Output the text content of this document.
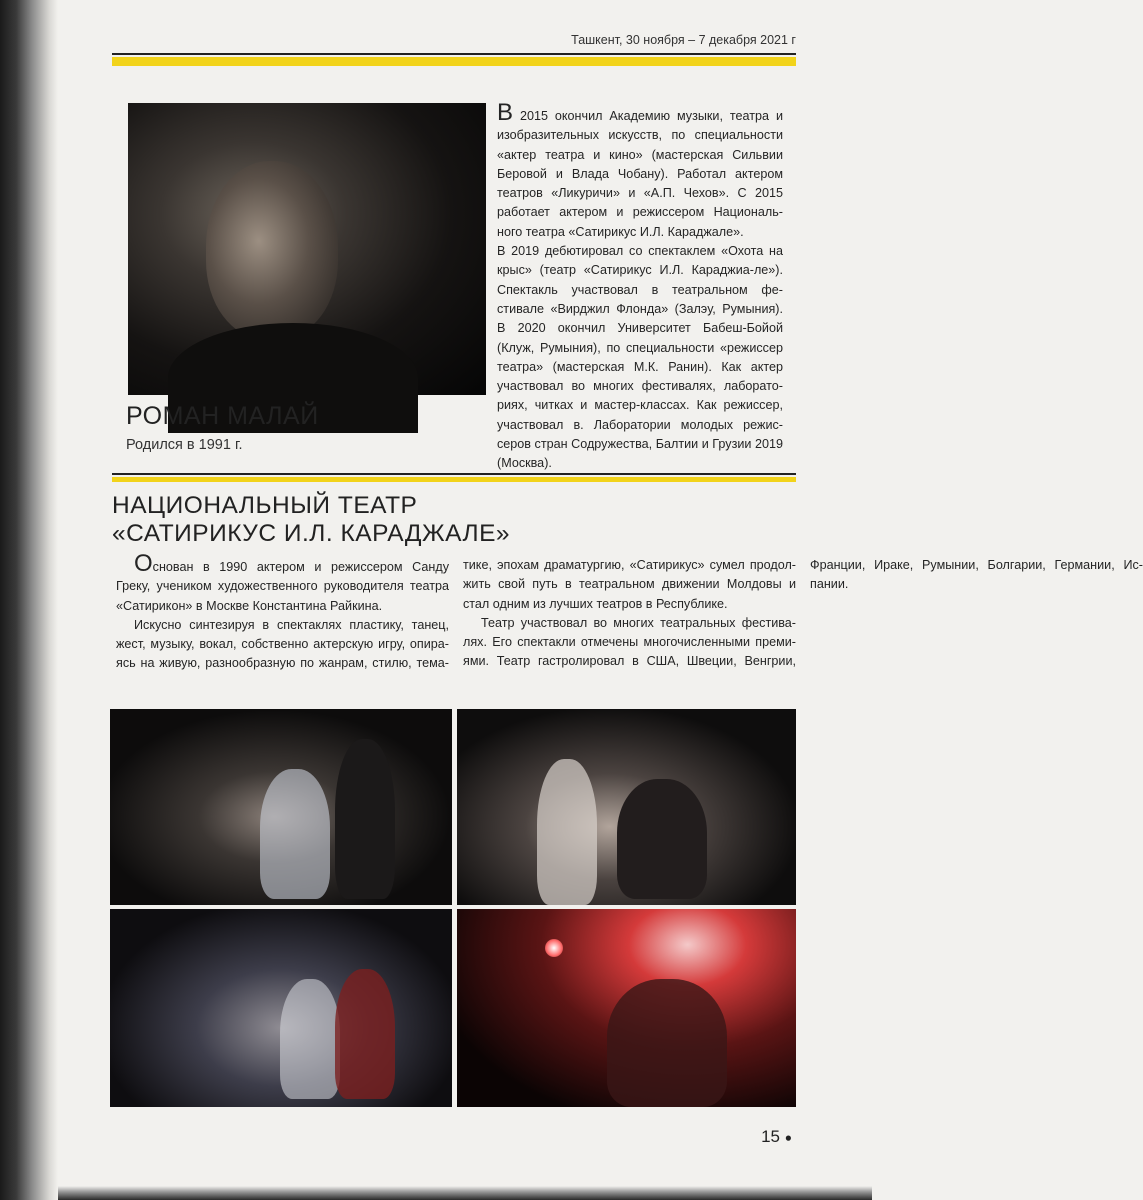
Ташкент, 30 ноября – 7 декабря 2021 г
РОМАН МАЛАЙ
Родился в 1991 г.

В 2015 окончил Академию музыки, театра и изобразительных искусств, по специальности «актер театра и кино» (мастерская Сильвии Беровой и Влада Чобану). Работал актером театров «Ликуричи» и «А.П. Чехов». С 2015 работает актером и режиссером Националь-ного театра «Сатирикус И.Л. Караджале».

В 2019 дебютировал со спектаклем «Охота на крыс» (театр «Сатирикус И.Л. Караджиа-ле»). Спектакль участвовал в театральном фе-стивале «Вирджил Флонда» (Залэу, Румыния). В 2020 окончил Университет Бабеш-Бойой (Клуж, Румыния), по специальности «режиссер театра» (мастерская М.К. Ранин). Как актер участвовал во многих фестивалях, лаборато-риях, читках и мастер-классах. Как режиссер, участвовал в. Лаборатории молодых режис-серов стран Содружества, Балтии и Грузии 2019 (Москва).

НАЦИОНАЛЬНЫЙ ТЕАТР
«САТИРИКУС И.Л. КАРАДЖАЛЕ»

Основан в 1990 актером и режиссером Санду Греку, учеником художественного руководителя театра «Сатирикон» в Москве Константина Райкина.

Искусно синтезируя в спектаклях пластику, танец, жест, музыку, вокал, собственно актерскую игру, опира-ясь на живую, разнообразную по жанрам, стилю, тема-тике, эпохам драматургию, «Сатирикус» сумел продол-жить свой путь в театральном движении Молдовы и стал одним из лучших театров в Республике.

Театр участвовал во многих театральных фестива-лях. Его спектакли отмечены многочисленными преми-ями. Театр гастролировал в США, Швеции, Венгрии, Франции, Ираке, Румынии, Болгарии, Германии, Ис-пании.

15 ●
